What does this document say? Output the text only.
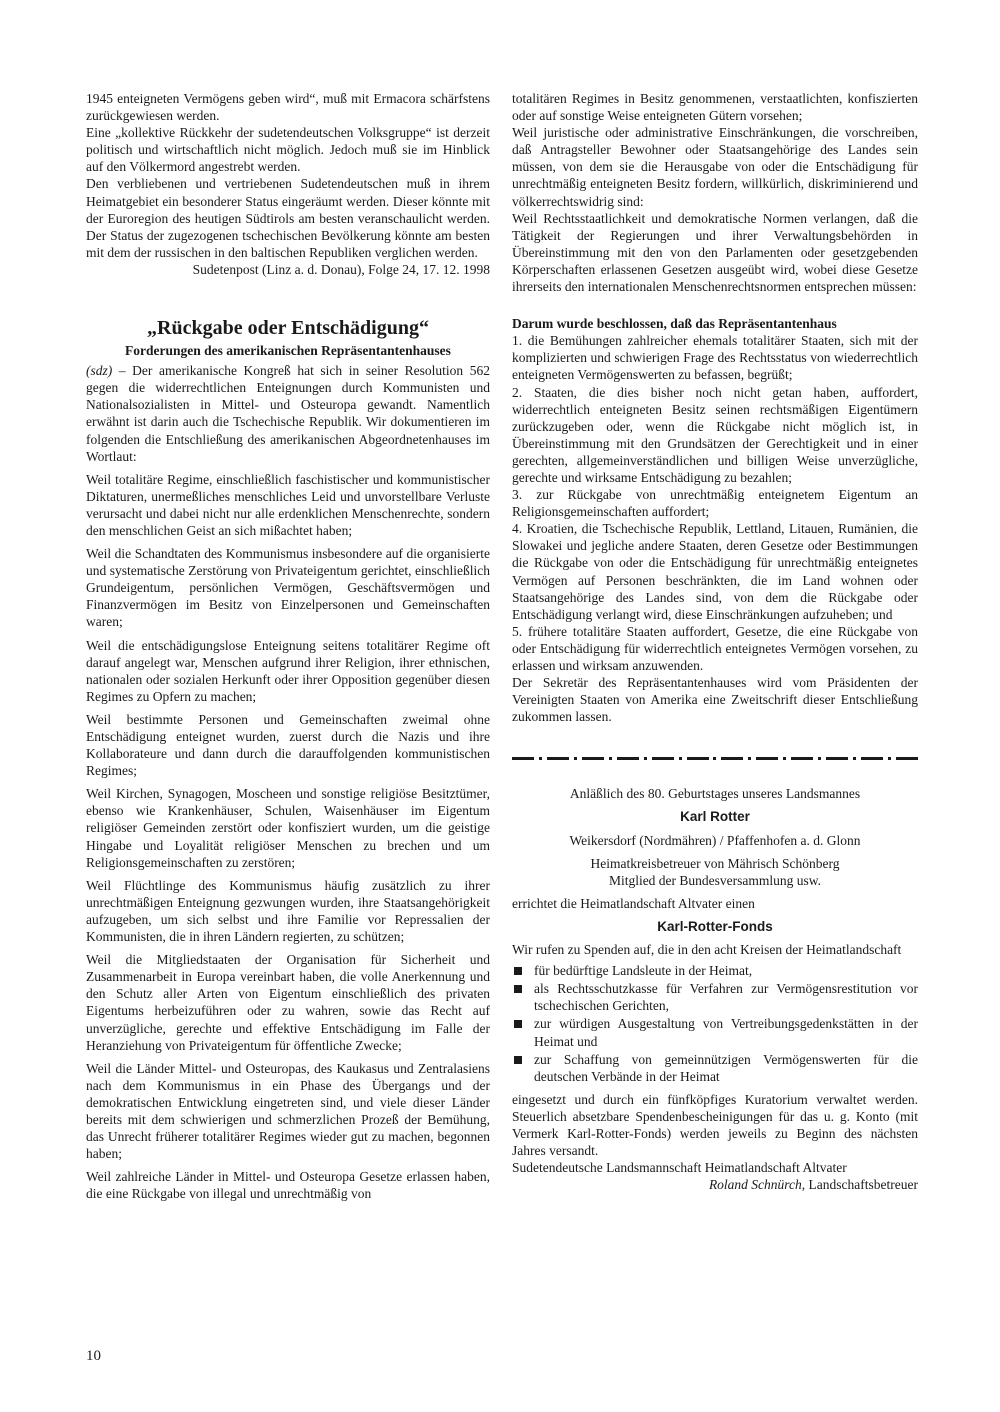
1945 enteigneten Vermögens geben wird“, muß mit Ermacora schärfstens zurückgewiesen werden.

Eine „kollektive Rückkehr der sudetendeutschen Volksgruppe“ ist derzeit politisch und wirtschaftlich nicht möglich. Jedoch muß sie im Hinblick auf den Völkermord angestrebt werden.

Den verbliebenen und vertriebenen Sudetendeutschen muß in ihrem Heimatgebiet ein besonderer Status eingeräumt werden. Dieser könnte mit der Euroregion des heutigen Südtirols am besten veranschaulicht werden. Der Status der zugezogenen tschechischen Bevölkerung könnte am besten mit dem der russischen in den baltischen Republiken verglichen werden.

Sudetenpost (Linz a. d. Donau), Folge 24, 17. 12. 1998

„Rückgabe oder Entschädigung“

Forderungen des amerikanischen Repräsentantenhauses

(sdz) – Der amerikanische Kongreß hat sich in seiner Resolution 562 gegen die widerrechtlichen Enteignungen durch Kommunisten und Nationalsozialisten in Mittel- und Osteuropa gewandt. Namentlich erwähnt ist darin auch die Tschechische Republik. Wir dokumentieren im folgenden die Entschließung des amerikanischen Abgeordnetenhauses im Wortlaut:

Weil totalitäre Regime, einschließlich faschistischer und kommunistischer Diktaturen, unermeßliches menschliches Leid und unvorstellbare Verluste verursacht und dabei nicht nur alle erdenklichen Menschenrechte, sondern den menschlichen Geist an sich mißachtet haben;

Weil die Schandtaten des Kommunismus insbesondere auf die organisierte und systematische Zerstörung von Privateigentum gerichtet, einschließlich Grundeigentum, persönlichen Vermögen, Geschäftsvermögen und Finanzvermögen im Besitz von Einzelpersonen und Gemeinschaften waren;

Weil die entschädigungslose Enteignung seitens totalitärer Regime oft darauf angelegt war, Menschen aufgrund ihrer Religion, ihrer ethnischen, nationalen oder sozialen Herkunft oder ihrer Opposition gegenüber diesen Regimes zu Opfern zu machen;

Weil bestimmte Personen und Gemeinschaften zweimal ohne Entschädigung enteignet wurden, zuerst durch die Nazis und ihre Kollaborateure und dann durch die darauffolgenden kommunistischen Regimes;

Weil Kirchen, Synagogen, Moscheen und sonstige religiöse Besitztümer, ebenso wie Krankenhäuser, Schulen, Waisenhäuser im Eigentum religiöser Gemeinden zerstört oder konfisziert wurden, um die geistige Hingabe und Loyalität religiöser Menschen zu brechen und um Religionsgemeinschaften zu zerstören;

Weil Flüchtlinge des Kommunismus häufig zusätzlich zu ihrer unrechtmäßigen Enteignung gezwungen wurden, ihre Staatsangehörigkeit aufzugeben, um sich selbst und ihre Familie vor Repressalien der Kommunisten, die in ihren Ländern regierten, zu schützen;

Weil die Mitgliedstaaten der Organisation für Sicherheit und Zusammenarbeit in Europa vereinbart haben, die volle Anerkennung und den Schutz aller Arten von Eigentum einschließlich des privaten Eigentums herbeizuführen oder zu wahren, sowie das Recht auf unverzügliche, gerechte und effektive Entschädigung im Falle der Heranziehung von Privateigentum für öffentliche Zwecke;

Weil die Länder Mittel- und Osteuropas, des Kaukasus und Zentralasiens nach dem Kommunismus in ein Phase des Übergangs und der demokratischen Entwicklung eingetreten sind, und viele dieser Länder bereits mit dem schwierigen und schmerzlichen Prozeß der Bemühung, das Unrecht früherer totalitärer Regimes wieder gut zu machen, begonnen haben;

Weil zahlreiche Länder in Mittel- und Osteuropa Gesetze erlassen haben, die eine Rückgabe von illegal und unrechtmäßig von

totalitären Regimes in Besitz genommenen, verstaatlichten, konfiszierten oder auf sonstige Weise enteigneten Gütern vorsehen;

Weil juristische oder administrative Einschränkungen, die vorschreiben, daß Antragsteller Bewohner oder Staatsangehörige des Landes sein müssen, von dem sie die Herausgabe von oder die Entschädigung für unrechtmäßig enteigneten Besitz fordern, willkürlich, diskriminierend und völkerrechtswidrig sind:

Weil Rechtsstaatlichkeit und demokratische Normen verlangen, daß die Tätigkeit der Regierungen und ihrer Verwaltungsbehörden in Übereinstimmung mit den von den Parlamenten oder gesetzgebenden Körperschaften erlassenen Gesetzen ausgeübt wird, wobei diese Gesetze ihrerseits den internationalen Menschenrechtsnormen entsprechen müssen:

Darum wurde beschlossen, daß das Repräsentantenhaus

1. die Bemühungen zahlreicher ehemals totalitärer Staaten, sich mit der komplizierten und schwierigen Frage des Rechtsstatus von wiederrechtlich enteigneten Vermögenswerten zu befassen, begrüßt;

2. Staaten, die dies bisher noch nicht getan haben, auffordert, widerrechtlich enteigneten Besitz seinen rechtsmäßigen Eigentümern zurückzugeben oder, wenn die Rückgabe nicht möglich ist, in Übereinstimmung mit den Grundsätzen der Gerechtigkeit und in einer gerechten, allgemeinverständlichen und billigen Weise unverzügliche, gerechte und wirksame Entschädigung zu bezahlen;

3. zur Rückgabe von unrechtmäßig enteignetem Eigentum an Religionsgemeinschaften auffordert;

4. Kroatien, die Tschechische Republik, Lettland, Litauen, Rumänien, die Slowakei und jegliche andere Staaten, deren Gesetze oder Bestimmungen die Rückgabe von oder die Entschädigung für unrechtmäßig enteignetes Vermögen auf Personen beschränkten, die im Land wohnen oder Staatsangehörige des Landes sind, von dem die Rückgabe oder Entschädigung verlangt wird, diese Einschränkungen aufzuheben; und

5. frühere totalitäre Staaten auffordert, Gesetze, die eine Rückgabe von oder Entschädigung für widerrechtlich enteignetes Vermögen vorsehen, zu erlassen und wirksam anzuwenden.

Der Sekretär des Repräsentantenhauses wird vom Präsidenten der Vereinigten Staaten von Amerika eine Zweitschrift dieser Entschließung zukommen lassen.

Anläßlich des 80. Geburtstages unseres Landsmannes

Karl Rotter

Weikersdorf (Nordmähren) / Pfaffenhofen a. d. Glonn

Heimatkreisbetreuer von Mährisch Schönberg

Mitglied der Bundesversammlung usw.

errichtet die Heimatlandschaft Altvater einen

Karl-Rotter-Fonds

Wir rufen zu Spenden auf, die in den acht Kreisen der Heimatlandschaft

für bedürftige Landsleute in der Heimat,
als Rechtsschutzkasse für Verfahren zur Vermögensrestitution vor tschechischen Gerichten,
zur würdigen Ausgestaltung von Vertreibungsgedenkstätten in der Heimat und
zur Schaffung von gemeinnützigen Vermögenswerten für die deutschen Verbände in der Heimat

eingesetzt und durch ein fünfköpfiges Kuratorium verwaltet werden. Steuerlich absetzbare Spendenbescheinigungen für das u. g. Konto (mit Vermerk Karl-Rotter-Fonds) werden jeweils zu Beginn des nächsten Jahres versandt.

Sudetendeutsche Landsmannschaft Heimatlandschaft Altvater

Roland Schnürch, Landschaftsbetreuer

10
